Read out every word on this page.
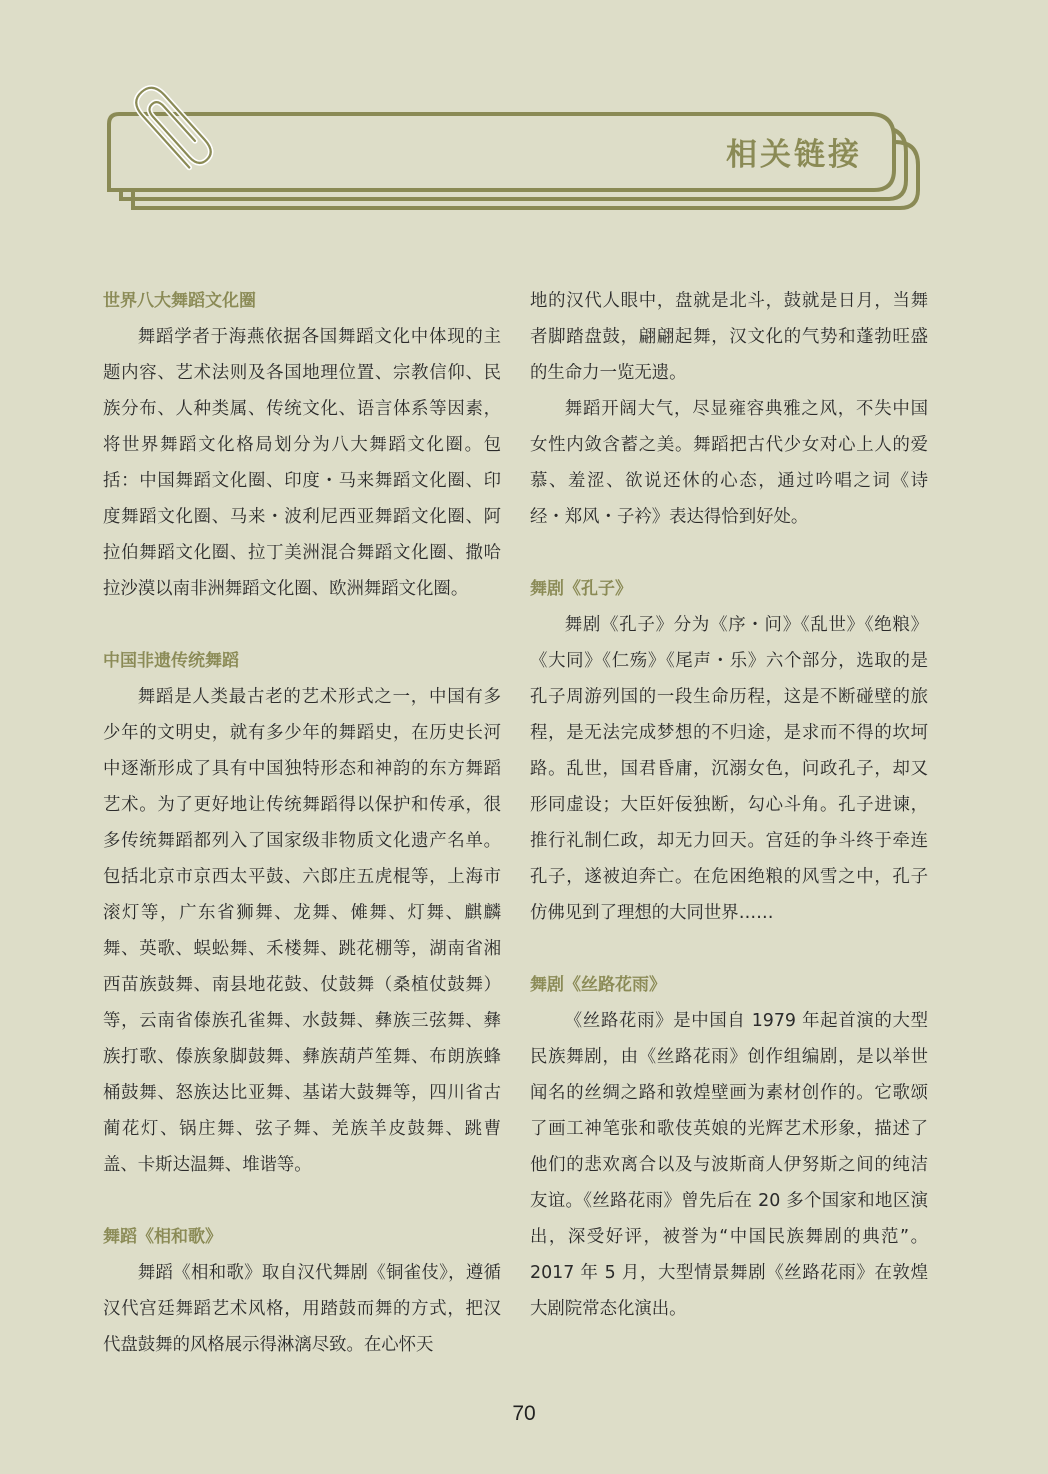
相关链接
世界八大舞蹈文化圈

舞蹈学者于海燕依据各国舞蹈文化中体现的主题内容、艺术法则及各国地理位置、宗教信仰、民族分布、人种类属、传统文化、语言体系等因素，将世界舞蹈文化格局划分为八大舞蹈文化圈。包括：中国舞蹈文化圈、印度・马来舞蹈文化圈、印度舞蹈文化圈、马来・波利尼西亚舞蹈文化圈、阿拉伯舞蹈文化圈、拉丁美洲混合舞蹈文化圈、撒哈拉沙漠以南非洲舞蹈文化圈、欧洲舞蹈文化圈。

中国非遗传统舞蹈

舞蹈是人类最古老的艺术形式之一，中国有多少年的文明史，就有多少年的舞蹈史，在历史长河中逐渐形成了具有中国独特形态和神韵的东方舞蹈艺术。为了更好地让传统舞蹈得以保护和传承，很多传统舞蹈都列入了国家级非物质文化遗产名单。包括北京市京西太平鼓、六郎庄五虎棍等，上海市滚灯等，广东省狮舞、龙舞、傩舞、灯舞、麒麟舞、英歌、蜈蚣舞、禾楼舞、跳花棚等，湖南省湘西苗族鼓舞、南县地花鼓、仗鼓舞（桑植仗鼓舞）等，云南省傣族孔雀舞、水鼓舞、彝族三弦舞、彝族打歌、傣族象脚鼓舞、彝族葫芦笙舞、布朗族蜂桶鼓舞、怒族达比亚舞、基诺大鼓舞等，四川省古蔺花灯、锅庄舞、弦子舞、羌族羊皮鼓舞、跳曹盖、卡斯达温舞、堆谐等。

舞蹈《相和歌》

舞蹈《相和歌》取自汉代舞剧《铜雀伎》，遵循汉代宫廷舞蹈艺术风格，用踏鼓而舞的方式，把汉代盘鼓舞的风格展示得淋漓尽致。在心怀天

地的汉代人眼中，盘就是北斗，鼓就是日月，当舞者脚踏盘鼓，翩翩起舞，汉文化的气势和蓬勃旺盛的生命力一览无遗。

舞蹈开阔大气，尽显雍容典雅之风，不失中国女性内敛含蓄之美。舞蹈把古代少女对心上人的爱慕、羞涩、欲说还休的心态，通过吟唱之词《诗经・郑风・子衿》表达得恰到好处。

舞剧《孔子》

舞剧《孔子》分为《序・问》《乱世》《绝粮》《大同》《仁殇》《尾声・乐》六个部分，选取的是孔子周游列国的一段生命历程，这是不断碰壁的旅程，是无法完成梦想的不归途，是求而不得的坎坷路。乱世，国君昏庸，沉溺女色，问政孔子，却又形同虚设；大臣奸佞独断，勾心斗角。孔子进谏，推行礼制仁政，却无力回天。宫廷的争斗终于牵连孔子，遂被迫奔亡。在危困绝粮的风雪之中，孔子仿佛见到了理想的大同世界……

舞剧《丝路花雨》

《丝路花雨》是中国自 1979 年起首演的大型民族舞剧，由《丝路花雨》创作组编剧，是以举世闻名的丝绸之路和敦煌壁画为素材创作的。它歌颂了画工神笔张和歌伎英娘的光辉艺术形象，描述了他们的悲欢离合以及与波斯商人伊努斯之间的纯洁友谊。《丝路花雨》曾先后在 20 多个国家和地区演出，深受好评，被誉为“中国民族舞剧的典范”。2017 年 5 月，大型情景舞剧《丝路花雨》在敦煌大剧院常态化演出。

70
